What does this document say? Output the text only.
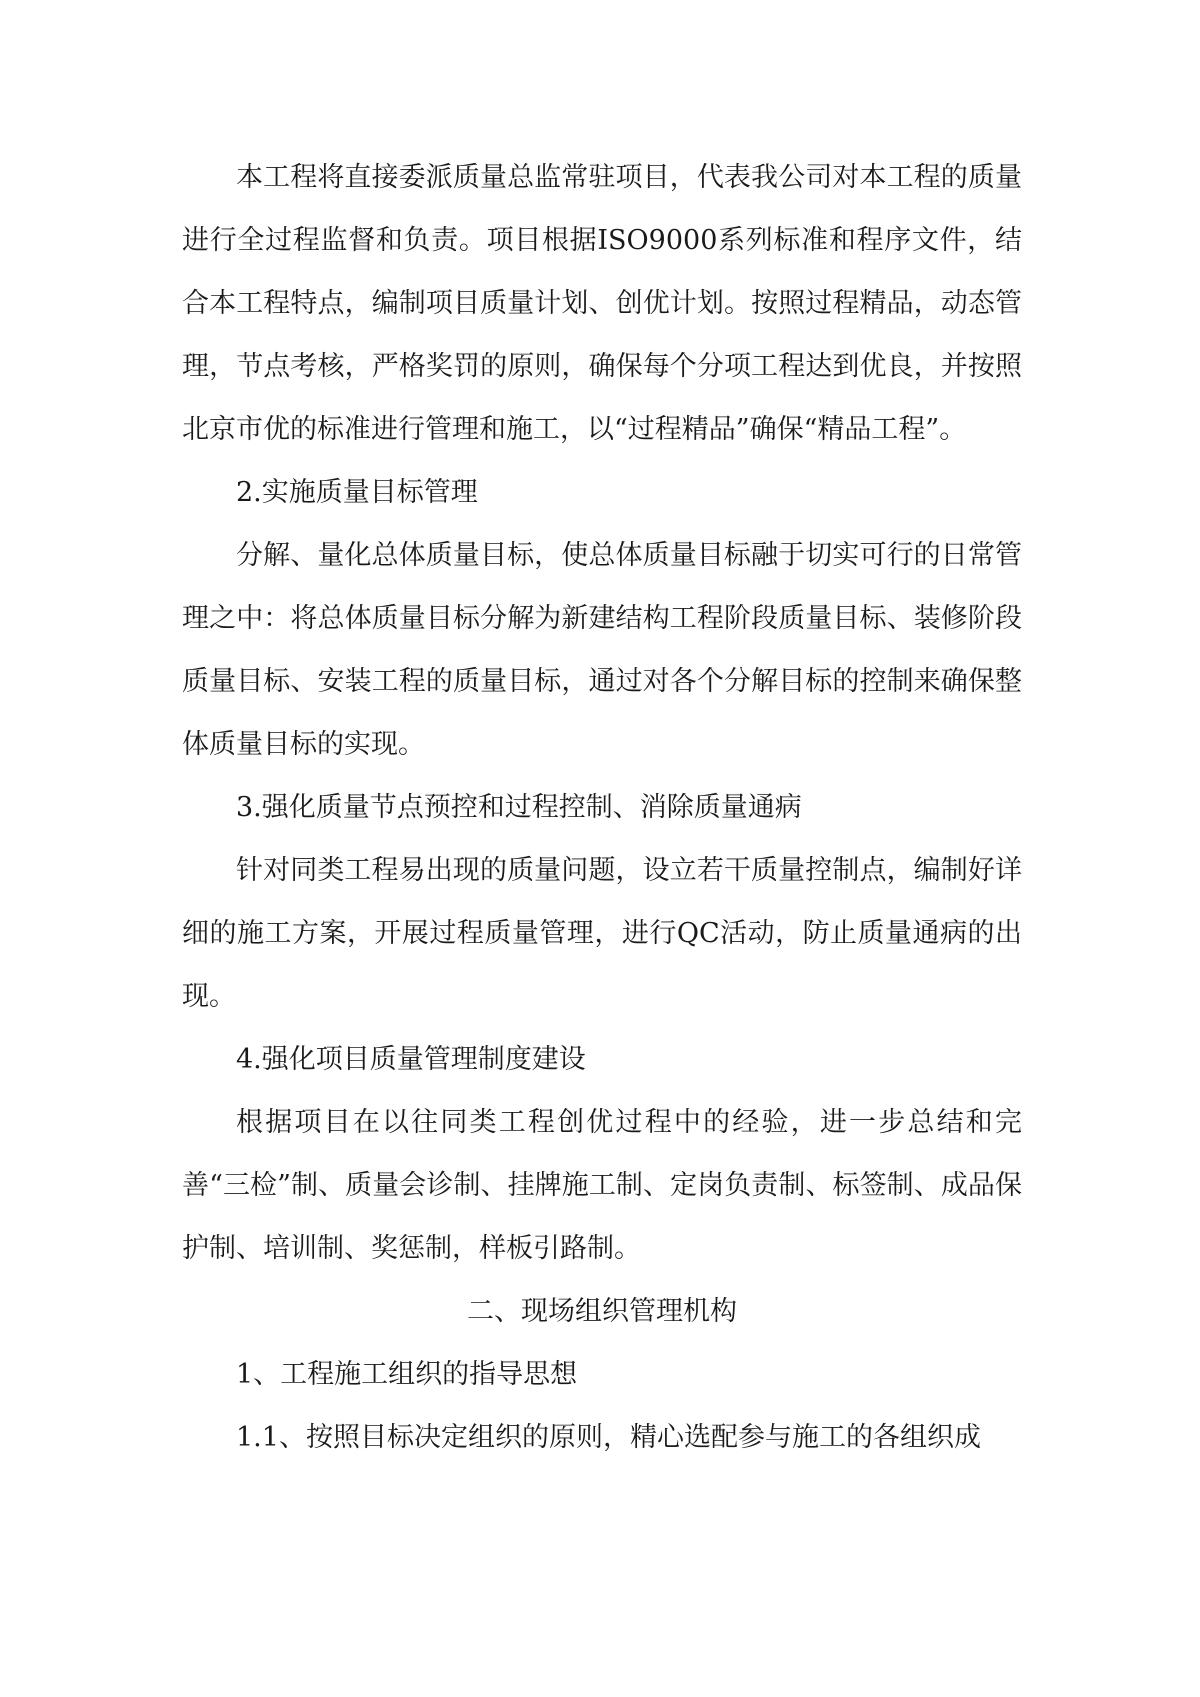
本工程将直接委派质量总监常驻项目，代表我公司对本工程的质量进行全过程监督和负责。项目根据ISO9000系列标准和程序文件，结合本工程特点，编制项目质量计划、创优计划。按照过程精品，动态管理，节点考核，严格奖罚的原则，确保每个分项工程达到优良，并按照北京市优的标准进行管理和施工，以“过程精品”确保“精品工程”。

2.实施质量目标管理

分解、量化总体质量目标，使总体质量目标融于切实可行的日常管理之中：将总体质量目标分解为新建结构工程阶段质量目标、装修阶段质量目标、安装工程的质量目标，通过对各个分解目标的控制来确保整体质量目标的实现。

3.强化质量节点预控和过程控制、消除质量通病

针对同类工程易出现的质量问题，设立若干质量控制点，编制好详细的施工方案，开展过程质量管理，进行QC活动，防止质量通病的出现。

4.强化项目质量管理制度建设

根据项目在以往同类工程创优过程中的经验，进一步总结和完善“三检”制、质量会诊制、挂牌施工制、定岗负责制、标签制、成品保护制、培训制、奖惩制，样板引路制。

二、现场组织管理机构

1、工程施工组织的指导思想

1.1、按照目标决定组织的原则，精心选配参与施工的各组织成
